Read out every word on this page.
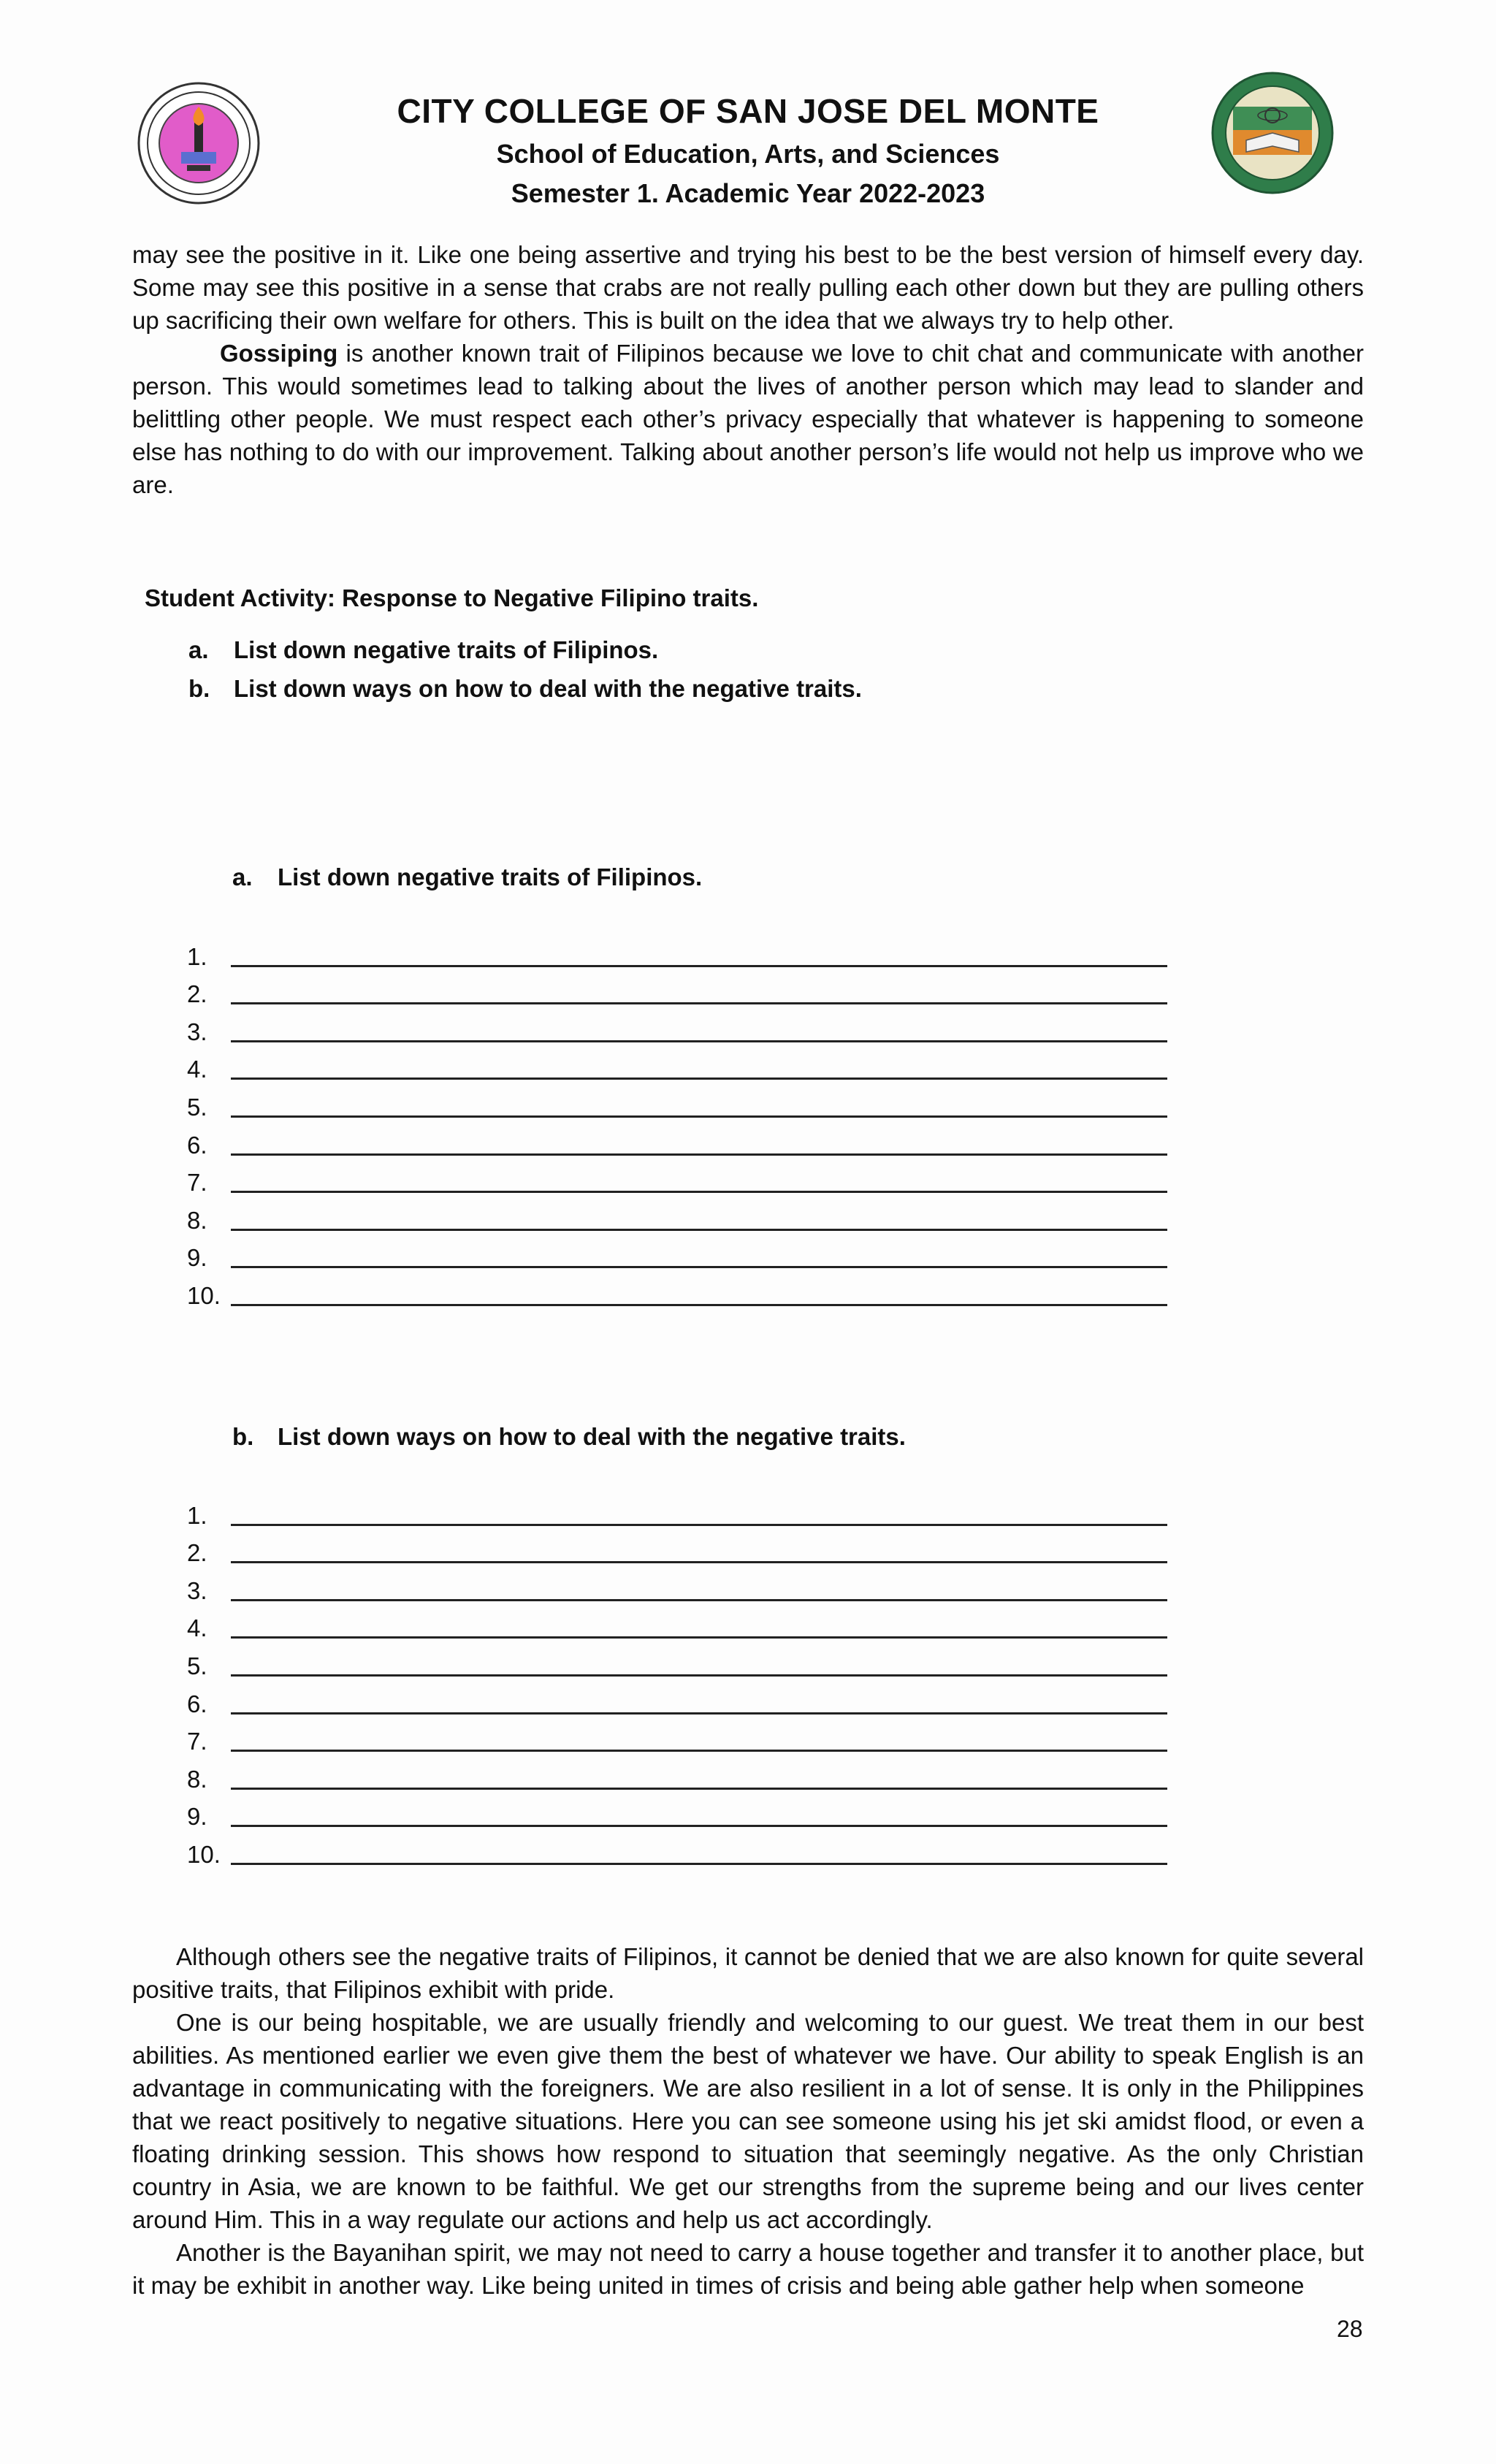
CITY COLLEGE OF SAN JOSE DEL MONTE
School of Education, Arts, and Sciences
Semester 1. Academic Year 2022-2023

may see the positive in it. Like one being assertive and trying his best to be the best version of himself every day. Some may see this positive in a sense that crabs are not really pulling each other down but they are pulling others up sacrificing their own welfare for others. This is built on the idea that we always try to help other.

Gossiping is another known trait of Filipinos because we love to chit chat and communicate with another person. This would sometimes lead to talking about the lives of another person which may lead to slander and belittling other people. We must respect each other’s privacy especially that whatever is happening to someone else has nothing to do with our improvement. Talking about another person’s life would not help us improve who we are.

Student Activity: Response to Negative Filipino traits.
a. List down negative traits of Filipinos.
b. List down ways on how to deal with the negative traits.
a. List down negative traits of Filipinos.
1.
2.
3.
4.
5.
6.
7.
8.
9.
10.
b. List down ways on how to deal with the negative traits.
1.
2.
3.
4.
5.
6.
7.
8.
9.
10.

Although others see the negative traits of Filipinos, it cannot be denied that we are also known for quite several positive traits, that Filipinos exhibit with pride.

One is our being hospitable, we are usually friendly and welcoming to our guest. We treat them in our best abilities. As mentioned earlier we even give them the best of whatever we have. Our ability to speak English is an advantage in communicating with the foreigners. We are also resilient in a lot of sense. It is only in the Philippines that we react positively to negative situations. Here you can see someone using his jet ski amidst flood, or even a floating drinking session. This shows how respond to situation that seemingly negative. As the only Christian country in Asia, we are known to be faithful. We get our strengths from the supreme being and our lives center around Him. This in a way regulate our actions and help us act accordingly.

Another is the Bayanihan spirit, we may not need to carry a house together and transfer it to another place, but it may be exhibit in another way. Like being united in times of crisis and being able gather help when someone

28
